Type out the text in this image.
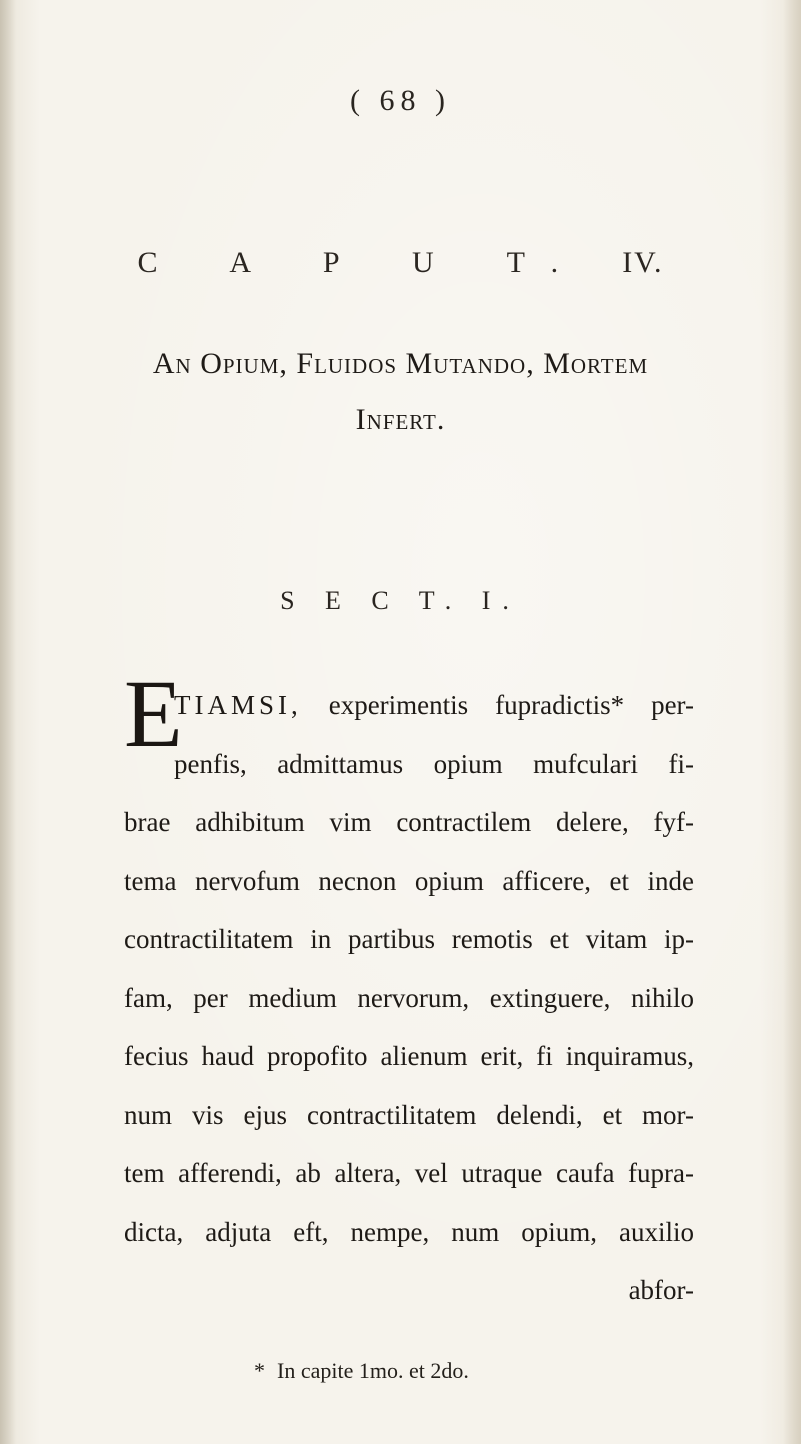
( 68 )
C A P U T. IV.
An Opium, Fluidos Mutando, Mortem
Infert.
S E C T. I.
E
TIAMSI, experimentis fupradictis* per-
penfis, admittamus opium mufculari fi-
brae adhibitum vim contractilem delere, fyf-
tema nervofum necnon opium afficere, et inde
contractilitatem in partibus remotis et vitam ip-
fam, per medium nervorum, extinguere, nihilo
fecius haud propofito alienum erit, fi inquiramus,
num vis ejus contractilitatem delendi, et mor-
tem afferendi, ab altera, vel utraque caufa fupra-
dicta, adjuta eft, nempe, num opium, auxilio
abfor-
* In capite 1mo. et 2do.
